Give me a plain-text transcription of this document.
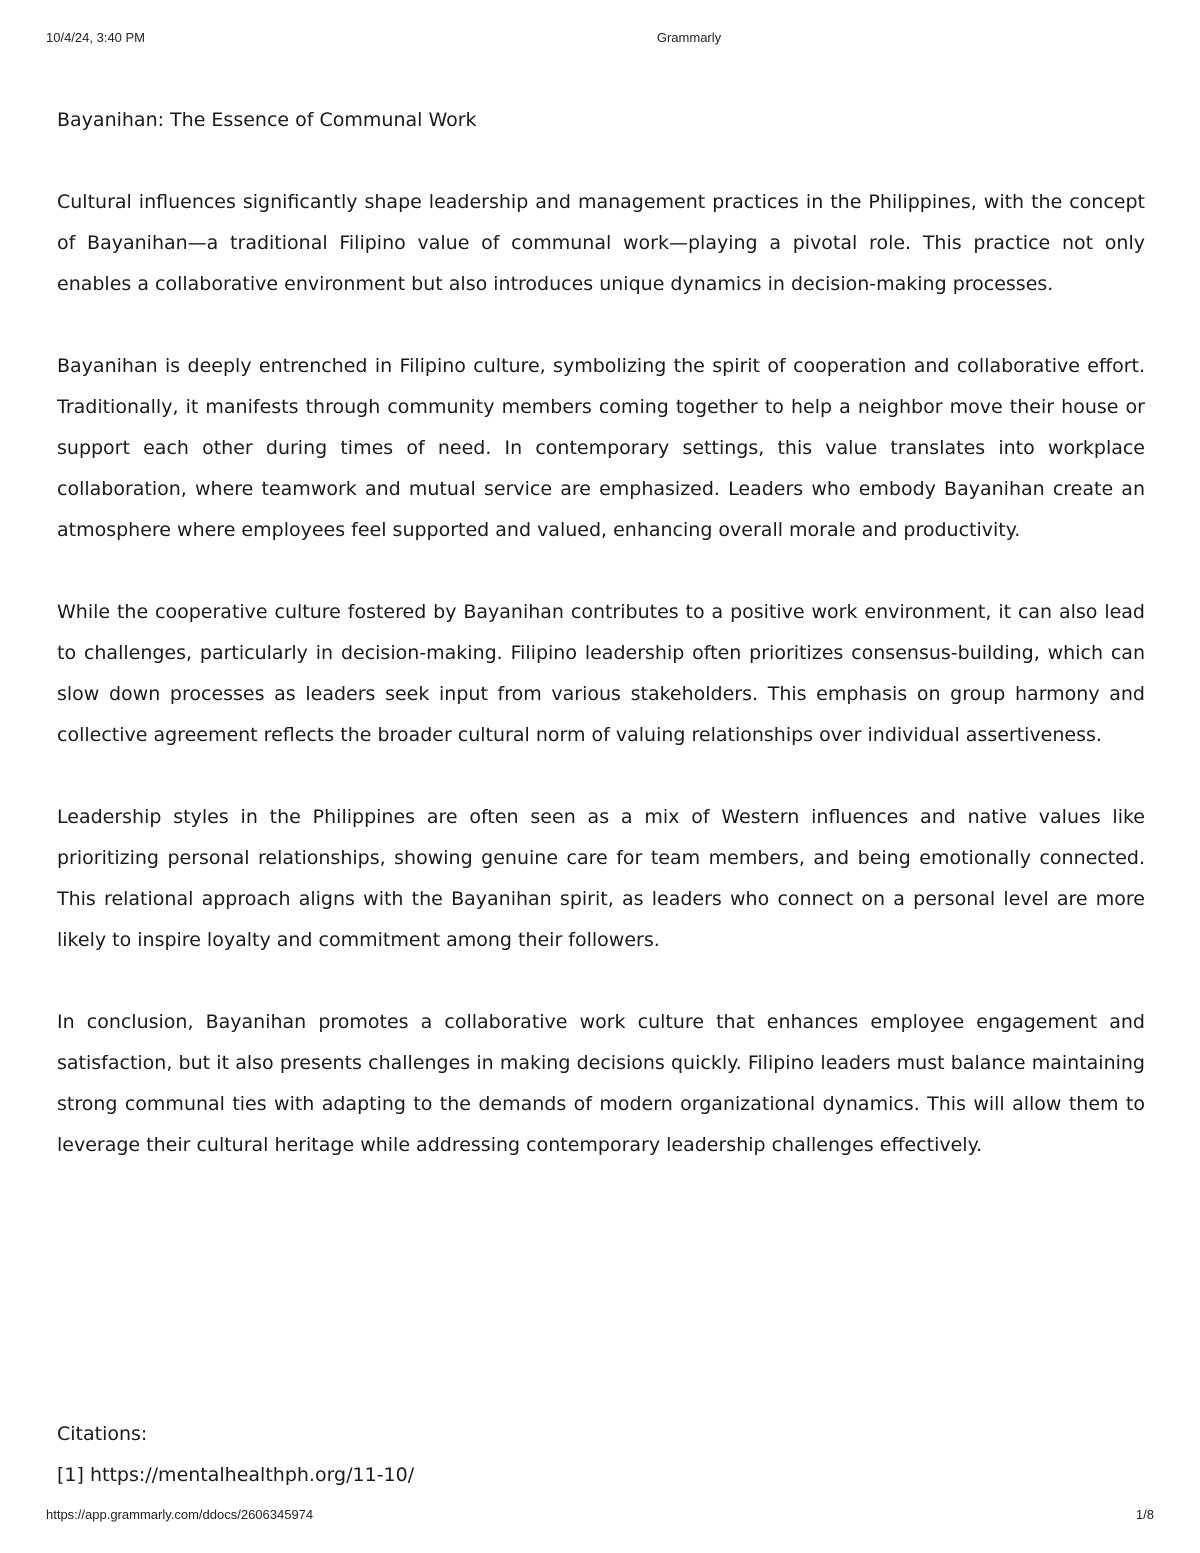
10/4/24, 3:40 PM	Grammarly

Bayanihan: The Essence of Communal Work

Cultural influences significantly shape leadership and management practices in the Philippines, with the concept of Bayanihan—a traditional Filipino value of communal work—playing a pivotal role. This practice not only enables a collaborative environment but also introduces unique dynamics in decision-making processes.

Bayanihan is deeply entrenched in Filipino culture, symbolizing the spirit of cooperation and collaborative effort. Traditionally, it manifests through community members coming together to help a neighbor move their house or support each other during times of need. In contemporary settings, this value translates into workplace collaboration, where teamwork and mutual service are emphasized. Leaders who embody Bayanihan create an atmosphere where employees feel supported and valued, enhancing overall morale and productivity.

While the cooperative culture fostered by Bayanihan contributes to a positive work environment, it can also lead to challenges, particularly in decision-making. Filipino leadership often prioritizes consensus-building, which can slow down processes as leaders seek input from various stakeholders. This emphasis on group harmony and collective agreement reflects the broader cultural norm of valuing relationships over individual assertiveness.

Leadership styles in the Philippines are often seen as a mix of Western influences and native values like prioritizing personal relationships, showing genuine care for team members, and being emotionally connected. This relational approach aligns with the Bayanihan spirit, as leaders who connect on a personal level are more likely to inspire loyalty and commitment among their followers.

In conclusion, Bayanihan promotes a collaborative work culture that enhances employee engagement and satisfaction, but it also presents challenges in making decisions quickly. Filipino leaders must balance maintaining strong communal ties with adapting to the demands of modern organizational dynamics. This will allow them to leverage their cultural heritage while addressing contemporary leadership challenges effectively.

Citations:

[1] https://mentalhealthph.org/11-10/

https://app.grammarly.com/ddocs/2606345974	1/8
